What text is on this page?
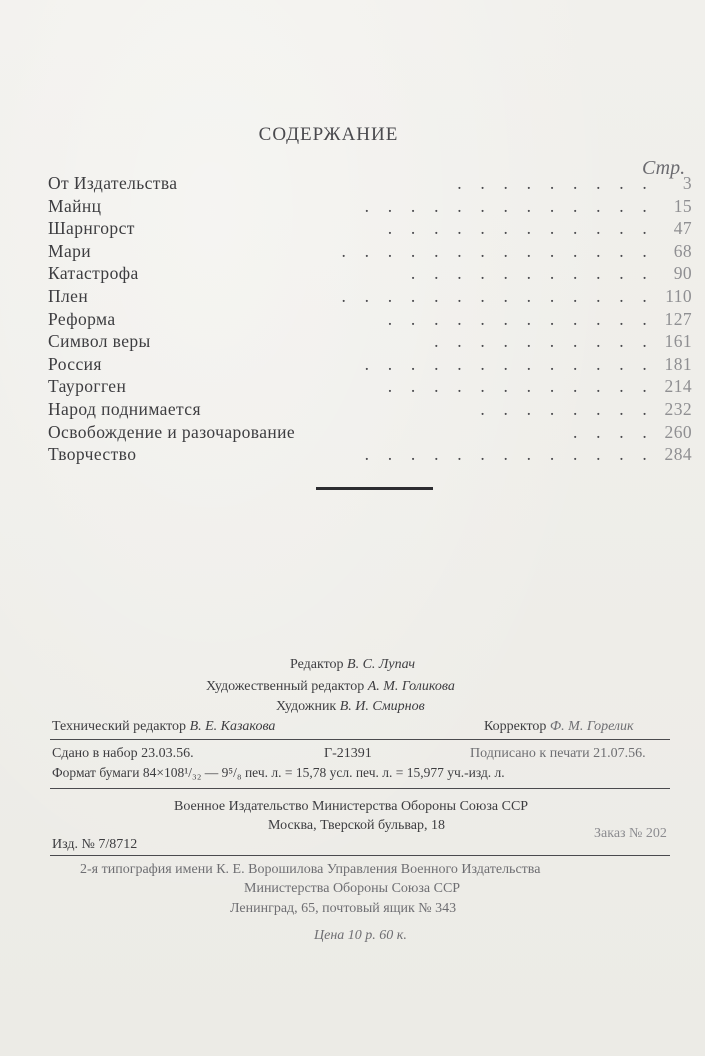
СОДЕРЖАНИЕ
Стр.
От Издательства	. . . . . . . . .	3
Майнц	. . . . . . . . . . . . .	15
Шарнгорст	. . . . . . . . . . . .	47
Мари	. . . . . . . . . . . . . .	68
Катастрофа	. . . . . . . . . . .	90
Плен	. . . . . . . . . . . . . . 110
Реформа	. . . . . . . . . . . . 127
Символ веры	. . . . . . . . . . 161
Россия	. . . . . . . . . . . . . 181
Таурогген	. . . . . . . . . . . . 214
Народ поднимается	. . . . . . . . 232
Освобождение и разочарование	. . . . 260
Творчество	. . . . . . . . . . . . . 284
Редактор В. С. Лупач
Художественный редактор А. М. Голикова
Художник В. И. Смирнов
Технический редактор В. Е. Казакова	Корректор Ф. М. Горелик
Сдано в набор 23.03.56.	Г-21391	Подписано к печати 21.07.56.
Формат бумаги 84×108¹/₃₂ — 9⁵/₈ печ. л. = 15,78 усл. печ. л. = 15,977 уч.-изд. л.
Военное Издательство Министерства Обороны Союза ССР
Москва, Тверской бульвар, 18
Изд. № 7/8712
Заказ № 202
2-я типография имени К. Е. Ворошилова Управления Военного Издательства
Министерства Обороны Союза ССР
Ленинград, 65, почтовый ящик № 343
Цена 10 р. 60 к.
